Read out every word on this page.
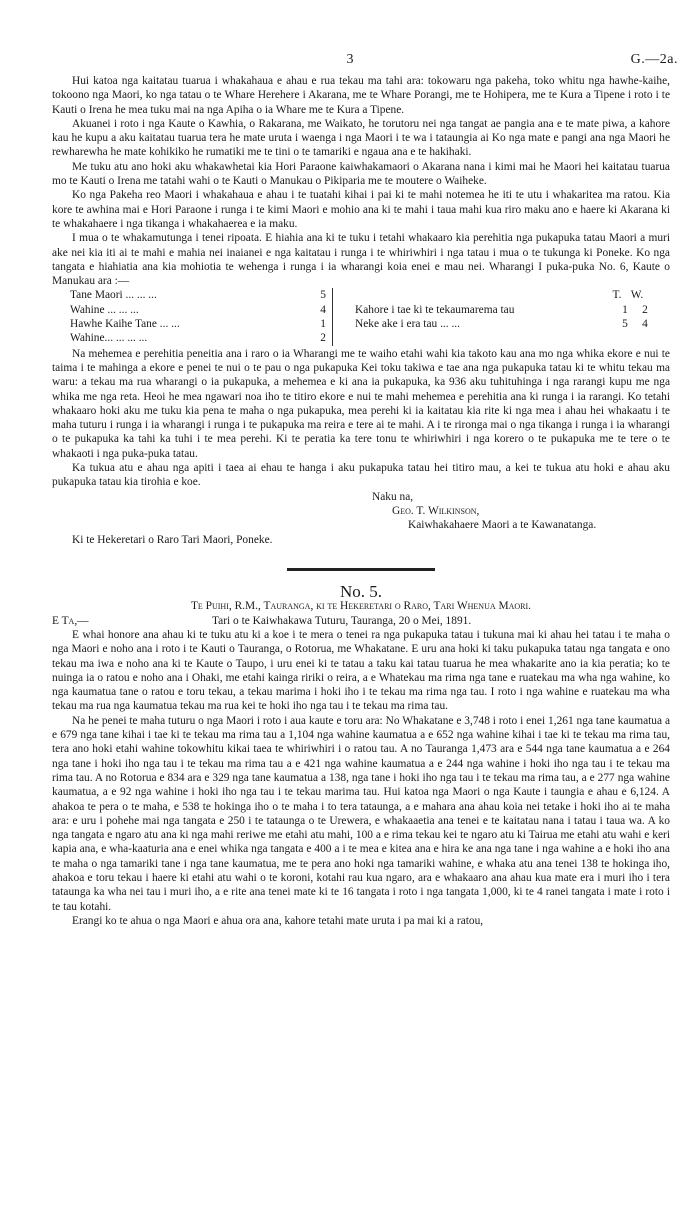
3	G.—2a.

Hui katoa nga kaitatau tuarua i whakahaua e ahau e rua tekau ma tahi ara: tokowaru nga pakeha, toko whitu nga hawhe-kaihe, tokoono nga Maori, ko nga tatau o te Whare Herehere i Akarana, me te Whare Porangi, me te Hohipera, me te Kura a Tipene i roto i te Kauti o Irena he mea tuku mai na nga Apiha o ia Whare me te Kura a Tipene.

Akuanei i roto i nga Kaute o Kawhia, o Rakarana, me Waikato, he torutoru nei nga tangat ae pangia ana e te mate piwa, a kahore kau he kupu a aku kaitatau tuarua tera he mate uruta i waenga i nga Maori i te wa i tataungia ai Ko nga mate e pangi ana nga Maori he rewharewha he mate kohikiko he rumatiki me te tini o te tamariki e ngaua ana e te hakihaki.

Me tuku atu ano hoki aku whakawhetai kia Hori Paraone kaiwhakamaori o Akarana nana i kimi mai he Maori hei kaitatau tuarua mo te Kauti o Irena me tatahi wahi o te Kauti o Manukau o Pikiparia me te moutere o Waiheke.

Ko nga Pakeha reo Maori i whakahaua e ahau i te tuatahi kihai i pai ki te mahi notemea he iti te utu i whakaritea ma ratou. Kia kore te awhina mai e Hori Paraone i runga i te kimi Maori e mohio ana ki te mahi i taua mahi kua riro maku ano e haere ki Akarana ki te whakahaere i nga tikanga i whakahaerea e ia maku.

I mua o te whakamutunga i tenei ripoata. E hiahia ana ki te tuku i tetahi whakaaro kia perehitia nga pukapuka tatau Maori a muri ake nei kia iti ai te mahi e mahia nei inaianei e nga kaitatau i runga i te whiriwhiri i nga tatau i mua o te tukunga ki Poneke. Ko nga tangata e hiahiatia ana kia mohiotia te wehenga i runga i ia wharangi koia enei e mau nei. Wharangi I puka-puka No. 6, Kaute o Manukau ara :—

Tane Maori ... ... ...	5
Wahine ... ... ...	4
Hawhe Kaihe Tane ... ...	1
Wahine... ... ... ...	2
T. W.
Kahore i tae ki te tekaumarema tau	1	2
Neke ake i era tau ... ...	5	4

Na mehemea e perehitia peneitia ana i raro o ia Wharangi me te waiho etahi wahi kia takoto kau ana mo nga whika ekore e nui te taima i te mahinga a ekore e penei te nui o te pau o nga pukapuka Kei toku takiwa e tae ana nga pukapuka tatau ki te whitu tekau ma waru: a tekau ma rua wharangi o ia pukapuka, a mehemea e ki ana ia pukapuka, ka 936 aku tuhituhinga i nga rarangi kupu me nga whika me nga reta. Heoi he mea ngawari noa iho te titiro ekore e nui te mahi mehemea e perehitia ana ki runga i ia rarangi. Ko tetahi whakaaro hoki aku me tuku kia pena te maha o nga pukapuka, mea perehi ki ia kaitatau kia rite ki nga mea i ahau hei whakaatu i te maha tuturu i runga i ia wharangi i runga i te pukapuka ma reira e tere ai te mahi. A i te rironga mai o nga tikanga i runga i ia wharangi o te pukapuka ka tahi ka tuhi i te mea perehi. Ki te peratia ka tere tonu te whiriwhiri i nga korero o te pukapuka me te tere o te whakaoti i nga puka-puka tatau.

Ka tukua atu e ahau nga apiti i taea ai ehau te hanga i aku pukapuka tatau hei titiro mau, a kei te tukua atu hoki e ahau aku pukapuka tatau kia tirohia e koe.

Naku na,
Geo. T. Wilkinson,
Kaiwhakahaere Maori a te Kawanatanga.
Ki te Hekeretari o Raro Tari Maori, Poneke.

No. 5.

Te Puihi, R.M., Tauranga, ki te Hekeretari o Raro, Tari Whenua Maori.

E Ta,—	Tari o te Kaiwhakawa Tuturu, Tauranga, 20 o Mei, 1891.

E whai honore ana ahau ki te tuku atu ki a koe i te mera o tenei ra nga pukapuka tatau i tukuna mai ki ahau hei tatau i te maha o nga Maori e noho ana i roto i te Kauti o Tauranga, o Rotorua, me Whakatane. E uru ana hoki ki taku pukapuka tatau nga tangata e ono tekau ma iwa e noho ana ki te Kaute o Taupo, i uru enei ki te tatau a taku kai tatau tuarua he mea whakarite ano ia kia peratia; ko te nuinga ia o ratou e noho ana i Ohaki, me etahi kainga ririki o reira, a e Whatekau ma rima nga tane e ruatekau ma wha nga wahine, ko nga kaumatua tane o ratou e toru tekau, a tekau marima i hoki iho i te tekau ma rima nga tau. I roto i nga wahine e ruatekau ma wha tekau ma rua nga kaumatua tekau ma rua kei te hoki iho nga tau i te tekau ma rima tau.

Na he penei te maha tuturu o nga Maori i roto i aua kaute e toru ara: No Whakatane e 3,748 i roto i enei 1,261 nga tane kaumatua a e 679 nga tane kihai i tae ki te tekau ma rima tau a 1,104 nga wahine kaumatua a e 652 nga wahine kihai i tae ki te tekau ma rima tau, tera ano hoki etahi wahine tokowhitu kikai taea te whiriwhiri i o ratou tau. A no Tauranga 1,473 ara e 544 nga tane kaumatua a e 264 nga tane i hoki iho nga tau i te tekau ma rima tau a e 421 nga wahine kaumatua a e 244 nga wahine i hoki iho nga tau i te tekau ma rima tau. A no Rotorua e 834 ara e 329 nga tane kaumatua a 138, nga tane i hoki iho nga tau i te tekau ma rima tau, a e 277 nga wahine kaumatua, a e 92 nga wahine i hoki iho nga tau i te tekau marima tau. Hui katoa nga Maori o nga Kaute i taungia e ahau e 6,124. A ahakoa te pera o te maha, e 538 te hokinga iho o te maha i to tera tataunga, a e mahara ana ahau koia nei tetake i hoki iho ai te maha ara: e uru i pohehe mai nga tangata e 250 i te tataunga o te Urewera, e whakaaetia ana tenei e te kaitatau nana i tatau i taua wa. A ko nga tangata e ngaro atu ana ki nga mahi reriwe me etahi atu mahi, 100 a e rima tekau kei te ngaro atu ki Tairua me etahi atu wahi e keri kapia ana, e wha-kaaturia ana e enei whika nga tangata e 400 a i te mea e kitea ana e hira ke ana nga tane i nga wahine a e hoki iho ana te maha o nga tamariki tane i nga tane kaumatua, me te pera ano hoki nga tamariki wahine, e whaka atu ana tenei 138 te hokinga iho, ahakoa e toru tekau i haere ki etahi atu wahi o te koroni, kotahi rau kua ngaro, ara e whakaaro ana ahau kua mate era i muri iho i tera tataunga ka wha nei tau i muri iho, a e rite ana tenei mate ki te 16 tangata i roto i nga tangata 1,000, ki te 4 ranei tangata i mate i roto i te tau kotahi.

Erangi ko te ahua o nga Maori e ahua ora ana, kahore tetahi mate uruta i pa mai ki a ratou,
